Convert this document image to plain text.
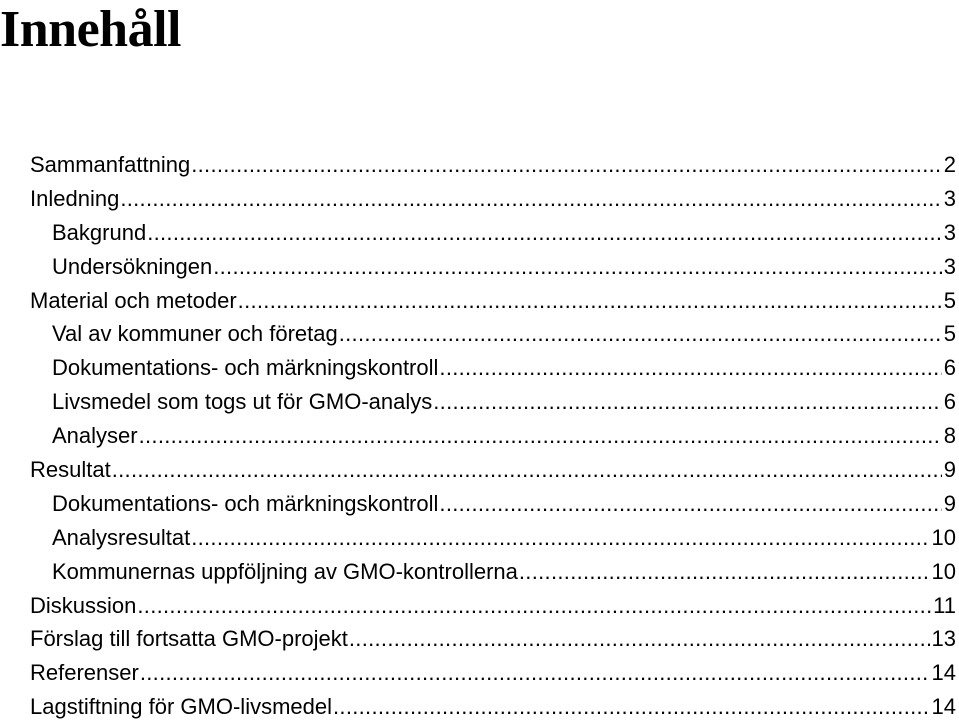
Innehåll
Sammanfattning .....	2
Inledning .....	3
Bakgrund .....	3
Undersökningen .....	3
Material och metoder .....	5
Val av kommuner och företag .....	5
Dokumentations- och märkningskontroll .....	6
Livsmedel som togs ut för GMO-analys .....	6
Analyser .....	8
Resultat .....	9
Dokumentations- och märkningskontroll .....	9
Analysresultat .....	10
Kommunernas uppföljning av GMO-kontrollerna .....	10
Diskussion .....	11
Förslag till fortsatta GMO-projekt .....	13
Referenser .....	14
Lagstiftning för GMO-livsmedel .....	14
